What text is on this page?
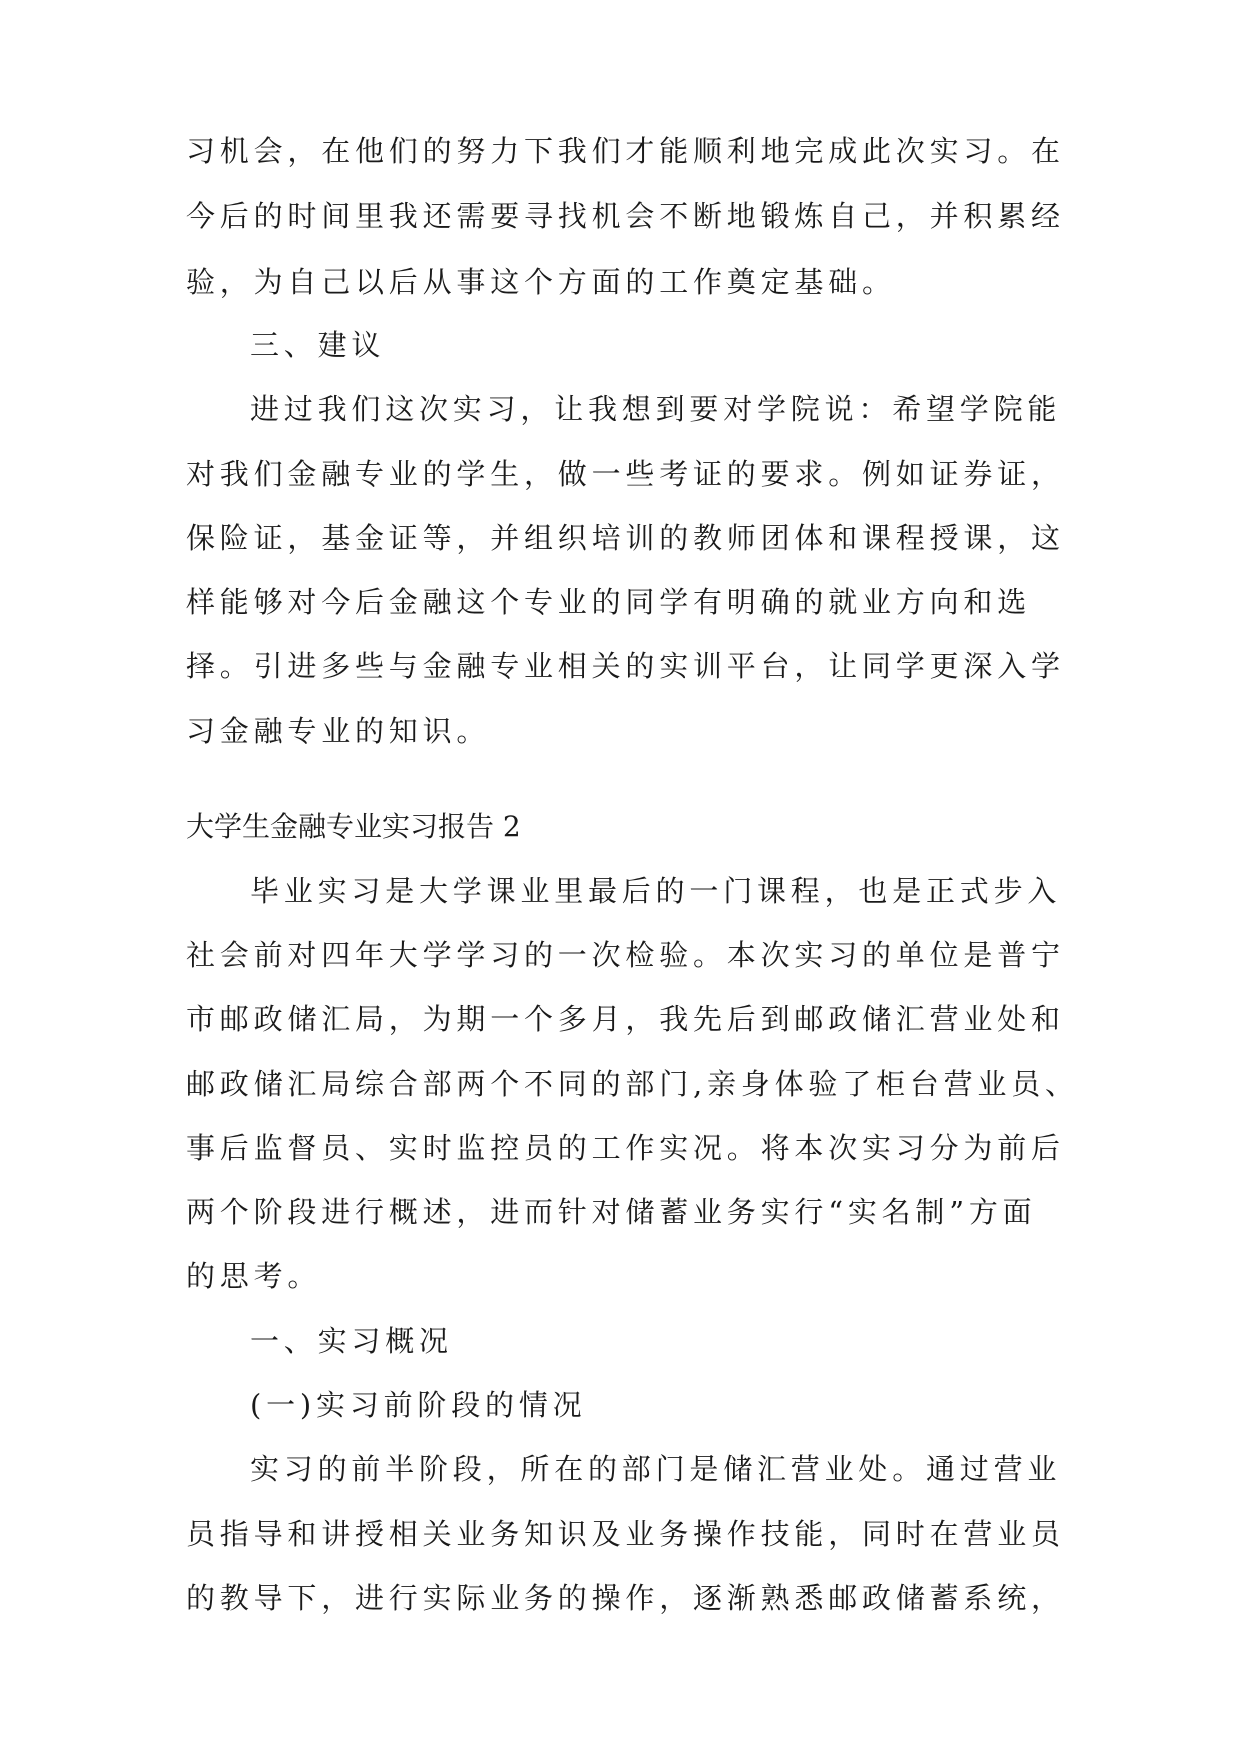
习机会，在他们的努力下我们才能顺利地完成此次实习。在

今后的时间里我还需要寻找机会不断地锻炼自己，并积累经

验，为自己以后从事这个方面的工作奠定基础。

三、建议

进过我们这次实习，让我想到要对学院说：希望学院能

对我们金融专业的学生，做一些考证的要求。例如证券证，

保险证，基金证等，并组织培训的教师团体和课程授课，这

样能够对今后金融这个专业的同学有明确的就业方向和选

择。引进多些与金融专业相关的实训平台，让同学更深入学

习金融专业的知识。

大学生金融专业实习报告 2

毕业实习是大学课业里最后的一门课程，也是正式步入

社会前对四年大学学习的一次检验。本次实习的单位是普宁

市邮政储汇局，为期一个多月，我先后到邮政储汇营业处和

邮政储汇局综合部两个不同的部门,亲身体验了柜台营业员、

事后监督员、实时监控员的工作实况。将本次实习分为前后

两个阶段进行概述，进而针对储蓄业务实行“实名制”方面

的思考。

一、实习概况

(一)实习前阶段的情况

实习的前半阶段，所在的部门是储汇营业处。通过营业

员指导和讲授相关业务知识及业务操作技能，同时在营业员

的教导下，进行实际业务的操作，逐渐熟悉邮政储蓄系统，
